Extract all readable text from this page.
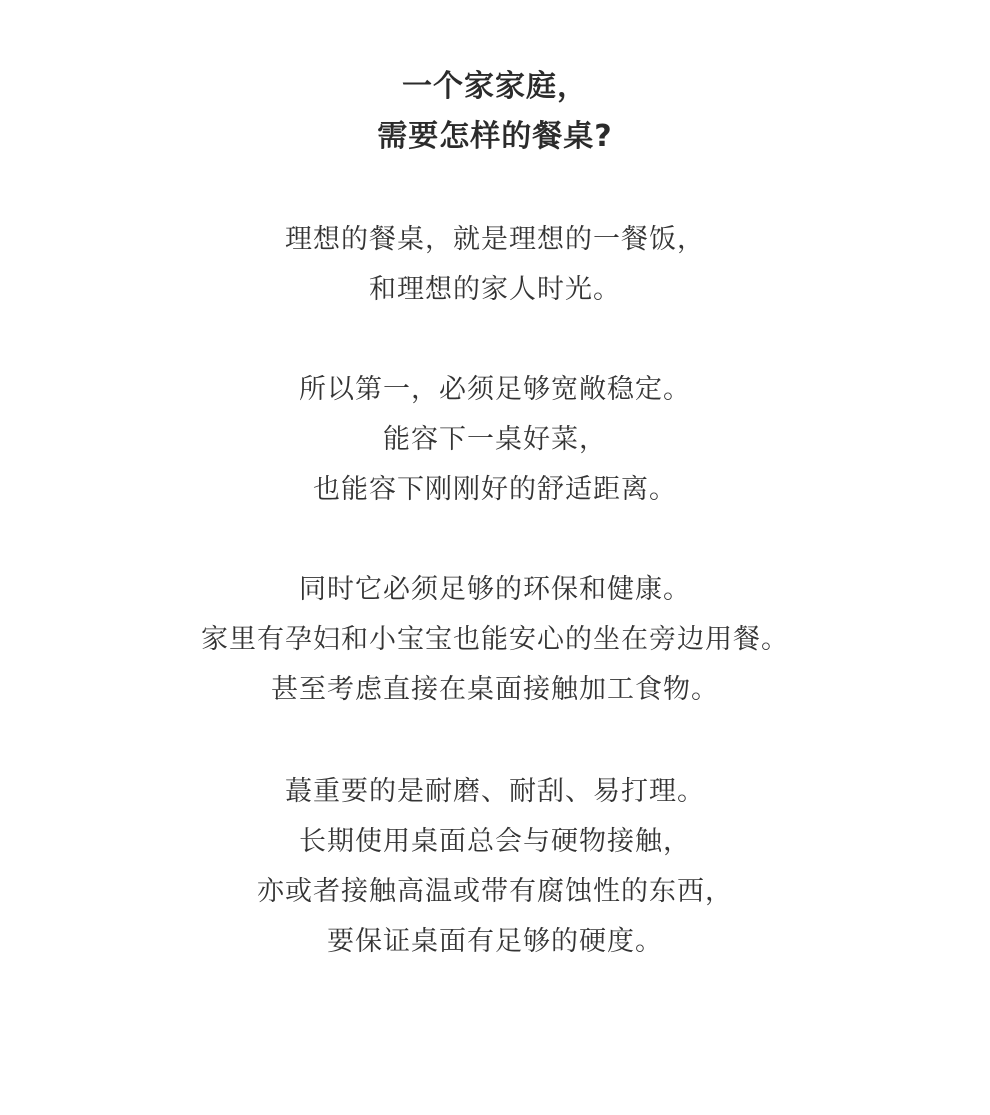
一个家家庭，
需要怎样的餐桌?
理想的餐桌，就是理想的一餐饭，
和理想的家人时光。
所以第一，必须足够宽敞稳定。
能容下一桌好菜，
也能容下刚刚好的舒适距离。
同时它必须足够的环保和健康。
家里有孕妇和小宝宝也能安心的坐在旁边用餐。
甚至考虑直接在桌面接触加工食物。
蕞重要的是耐磨、耐刮、易打理。
长期使用桌面总会与硬物接触，
亦或者接触高温或带有腐蚀性的东西，
要保证桌面有足够的硬度。
